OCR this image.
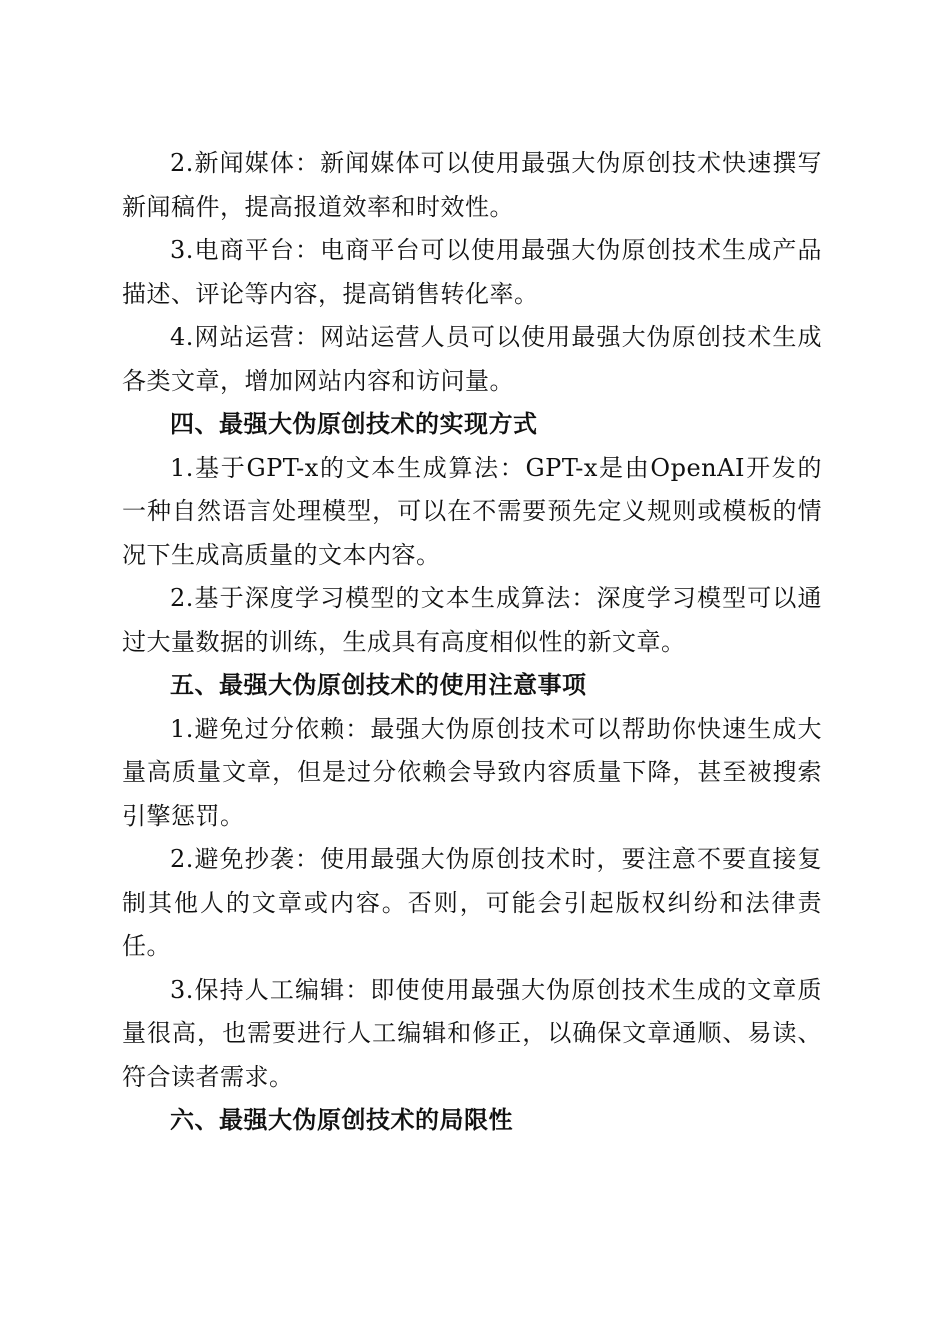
2.新闻媒体：新闻媒体可以使用最强大伪原创技术快速撰写新闻稿件，提高报道效率和时效性。

3.电商平台：电商平台可以使用最强大伪原创技术生成产品描述、评论等内容，提高销售转化率。

4.网站运营：网站运营人员可以使用最强大伪原创技术生成各类文章，增加网站内容和访问量。

四、最强大伪原创技术的实现方式

1.基于GPT-x的文本生成算法：GPT-x是由OpenAI开发的一种自然语言处理模型，可以在不需要预先定义规则或模板的情况下生成高质量的文本内容。

2.基于深度学习模型的文本生成算法：深度学习模型可以通过大量数据的训练，生成具有高度相似性的新文章。

五、最强大伪原创技术的使用注意事项

1.避免过分依赖：最强大伪原创技术可以帮助你快速生成大量高质量文章，但是过分依赖会导致内容质量下降，甚至被搜索引擎惩罚。

2.避免抄袭：使用最强大伪原创技术时，要注意不要直接复制其他人的文章或内容。否则，可能会引起版权纠纷和法律责任。

3.保持人工编辑：即使使用最强大伪原创技术生成的文章质量很高，也需要进行人工编辑和修正，以确保文章通顺、易读、符合读者需求。

六、最强大伪原创技术的局限性
